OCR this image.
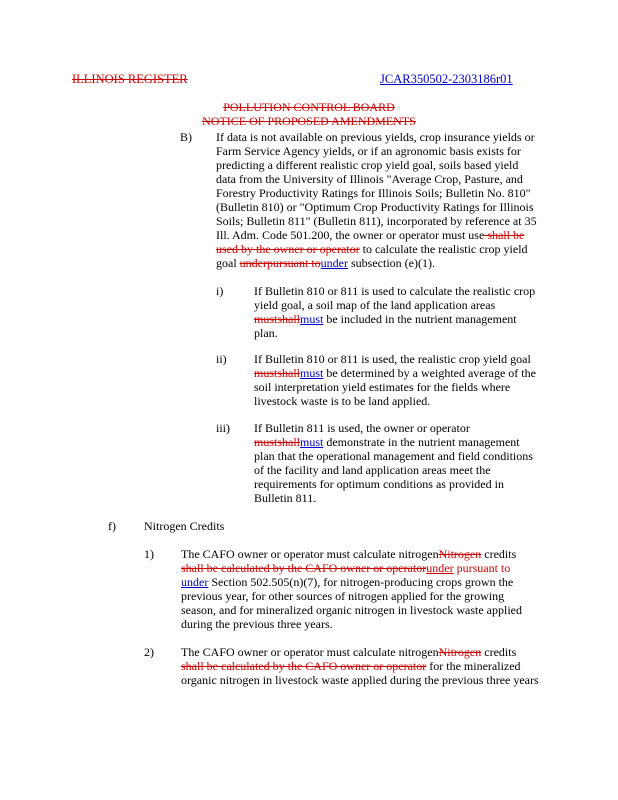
ILLINOIS REGISTER	JCAR350502-2303186r01
POLLUTION CONTROL BOARD
NOTICE OF PROPOSED AMENDMENTS
B) If data is not available on previous yields, crop insurance yields or

Farm Service Agency yields, or if an agronomic basis exists for

predicting a different realistic crop yield goal, soils based yield

data from the University of Illinois "Average Crop, Pasture, and

Forestry Productivity Ratings for Illinois Soils; Bulletin No. 810"

(Bulletin 810) or "Optimum Crop Productivity Ratings for Illinois

Soils; Bulletin 811" (Bulletin 811), incorporated by reference at 35

Ill. Adm. Code 501.200, the owner or operator must use shall be

used by the owner or operator to calculate the realistic crop yield

goal underpursuant tounder subsection (e)(1).

i)	If Bulletin 810 or 811 is used to calculate the realistic crop

yield goal, a soil map of the land application areas

mustshallmust be included in the nutrient management

plan.

ii) If Bulletin 810 or 811 is used, the realistic crop yield goal

mustshallmust be determined by a weighted average of the

soil interpretation yield estimates for the fields where

livestock waste is to be land applied.

iii) If Bulletin 811 is used, the owner or operator

mustshallmust demonstrate in the nutrient management

plan that the operational management and field conditions

of the facility and land application areas meet the

requirements for optimum conditions as provided in

Bulletin 811.

f) Nitrogen Credits
1) The CAFO owner or operator must calculate nitrogenNitrogen credits

shall be calculated by the CAFO owner or operatorunder pursuant to

under Section 502.505(n)(7), for nitrogen-producing crops grown the

previous year, for other sources of nitrogen applied for the growing

season, and for mineralized organic nitrogen in livestock waste applied

during the previous three years.

2) The CAFO owner or operator must calculate nitrogenNitrogen credits

shall be calculated by the CAFO owner or operator for the mineralized

organic nitrogen in livestock waste applied during the previous three years
